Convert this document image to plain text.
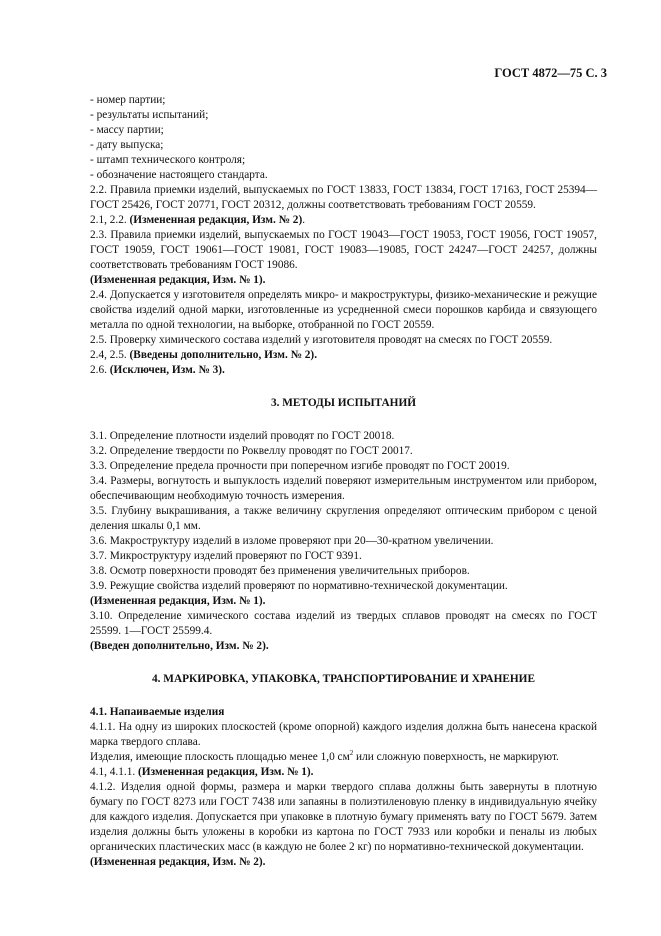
ГОСТ 4872—75 С. 3

- номер партии;

- результаты испытаний;

- массу партии;

- дату выпуска;

- штамп технического контроля;

- обозначение настоящего стандарта.

2.2. Правила приемки изделий, выпускаемых по ГОСТ 13833, ГОСТ 13834, ГОСТ 17163, ГОСТ 25394—ГОСТ 25426, ГОСТ 20771, ГОСТ 20312, должны соответствовать требованиям ГОСТ 20559.

2.1, 2.2. (Измененная редакция, Изм. № 2).

2.3. Правила приемки изделий, выпускаемых по ГОСТ 19043—ГОСТ 19053, ГОСТ 19056, ГОСТ 19057, ГОСТ 19059, ГОСТ 19061—ГОСТ 19081, ГОСТ 19083—19085, ГОСТ 24247—ГОСТ 24257, должны соответствовать требованиям ГОСТ 19086.

(Измененная редакция, Изм. № 1).

2.4. Допускается у изготовителя определять микро- и макроструктуры, физико-механические и режущие свойства изделий одной марки, изготовленные из усредненной смеси порошков карбида и связующего металла по одной технологии, на выборке, отобранной по ГОСТ 20559.

2.5. Проверку химического состава изделий у изготовителя проводят на смесях по ГОСТ 20559.

2.4, 2.5. (Введены дополнительно, Изм. № 2).

2.6. (Исключен, Изм. № 3).

3. МЕТОДЫ ИСПЫТАНИЙ

3.1. Определение плотности изделий проводят по ГОСТ 20018.

3.2. Определение твердости по Роквеллу проводят по ГОСТ 20017.

3.3. Определение предела прочности при поперечном изгибе проводят по ГОСТ 20019.

3.4. Размеры, вогнутость и выпуклость изделий поверяют измерительным инструментом или прибором, обеспечивающим необходимую точность измерения.

3.5. Глубину выкрашивания, а также величину скругления определяют оптическим прибором с ценой деления шкалы 0,1 мм.

3.6. Макроструктуру изделий в изломе проверяют при 20—30-кратном увеличении.

3.7. Микроструктуру изделий проверяют по ГОСТ 9391.

3.8. Осмотр поверхности проводят без применения увеличительных приборов.

3.9. Режущие свойства изделий проверяют по нормативно-технической документации.

(Измененная редакция, Изм. № 1).

3.10. Определение химического состава изделий из твердых сплавов проводят на смесях по ГОСТ 25599. 1—ГОСТ 25599.4.

(Введен дополнительно, Изм. № 2).

4. МАРКИРОВКА, УПАКОВКА, ТРАНСПОРТИРОВАНИЕ И ХРАНЕНИЕ

4.1. Напаиваемые изделия

4.1.1. На одну из широких плоскостей (кроме опорной) каждого изделия должна быть нанесена краской марка твердого сплава.

Изделия, имеющие плоскость площадью менее 1,0 $см^2$ или сложную поверхность, не маркируют.

4.1, 4.1.1. (Измененная редакция, Изм. № 1).

4.1.2. Изделия одной формы, размера и марки твердого сплава должны быть завернуты в плотную бумагу по ГОСТ 8273 или ГОСТ 7438 или запаяны в полиэтиленовую пленку в индивидуальную ячейку для каждого изделия. Допускается при упаковке в плотную бумагу применять вату по ГОСТ 5679. Затем изделия должны быть уложены в коробки из картона по ГОСТ 7933 или коробки и пеналы из любых органических пластических масс (в каждую не более 2 кг) по нормативно-технической документации.

(Измененная редакция, Изм. № 2).
